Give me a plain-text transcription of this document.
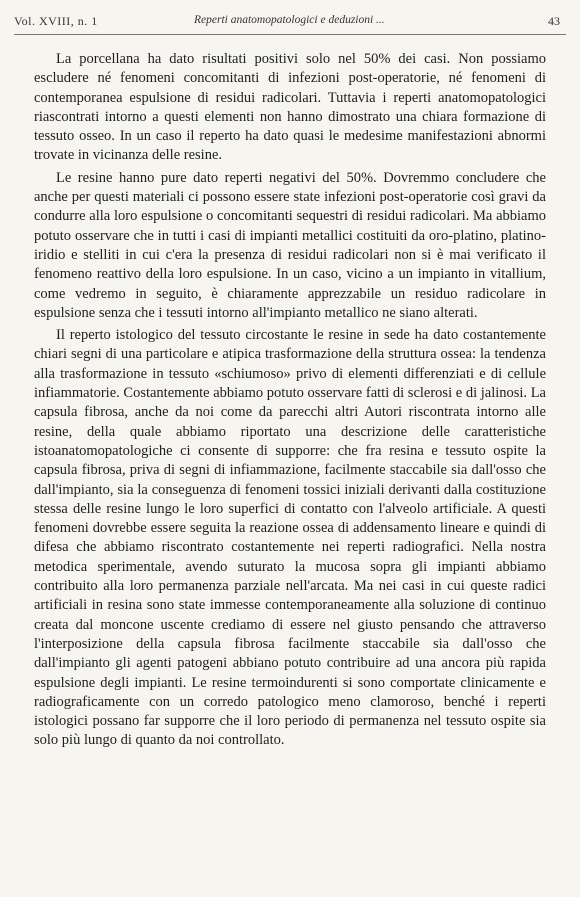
Vol. XVIII, n. 1	Reperti anatomopatologici e deduzioni ...	43

La porcellana ha dato risultati positivi solo nel 50% dei casi. Non possiamo escludere né fenomeni concomitanti di infezioni post-operatorie, né fenomeni di contemporanea espulsione di residui radicolari. Tuttavia i reperti anatomopatologici riascontrati intorno a questi elementi non hanno dimostrato una chiara formazione di tessuto osseo. In un caso il reperto ha dato quasi le medesime manifestazioni abnormi trovate in vicinanza delle resine.

Le resine hanno pure dato reperti negativi del 50%. Dovremmo concludere che anche per questi materiali ci possono essere state infezioni post-operatorie così gravi da condurre alla loro espulsione o concomitanti sequestri di residui radicolari. Ma abbiamo potuto osservare che in tutti i casi di impianti metallici costituiti da oro-platino, platino-iridio e stelliti in cui c'era la presenza di residui radicolari non si è mai verificato il fenomeno reattivo della loro espulsione. In un caso, vicino a un impianto in vitallium, come vedremo in seguito, è chiaramente apprezzabile un residuo radicolare in espulsione senza che i tessuti intorno all'impianto metallico ne siano alterati.

Il reperto istologico del tessuto circostante le resine in sede ha dato costantemente chiari segni di una particolare e atipica trasformazione della struttura ossea: la tendenza alla trasformazione in tessuto «schiumoso» privo di elementi differenziati e di cellule infiammatorie. Costantemente abbiamo potuto osservare fatti di sclerosi e di jalinosi. La capsula fibrosa, anche da noi come da parecchi altri Autori riscontrata intorno alle resine, della quale abbiamo riportato una descrizione delle caratteristiche istoanatomopatologiche ci consente di supporre: che fra resina e tessuto ospite la capsula fibrosa, priva di segni di infiammazione, facilmente staccabile sia dall'osso che dall'impianto, sia la conseguenza di fenomeni tossici iniziali derivanti dalla costituzione stessa delle resine lungo le loro superfici di contatto con l'alveolo artificiale. A questi fenomeni dovrebbe essere seguita la reazione ossea di addensamento lineare e quindi di difesa che abbiamo riscontrato costantemente nei reperti radiografici. Nella nostra metodica sperimentale, avendo suturato la mucosa sopra gli impianti abbiamo contribuito alla loro permanenza parziale nell'arcata. Ma nei casi in cui queste radici artificiali in resina sono state immesse contemporaneamente alla soluzione di continuo creata dal moncone uscente crediamo di essere nel giusto pensando che attraverso l'interposizione della capsula fibrosa facilmente staccabile sia dall'osso che dall'impianto gli agenti patogeni abbiano potuto contribuire ad una ancora più rapida espulsione degli impianti. Le resine termoindurenti si sono comportate clinicamente e radiograficamente con un corredo patologico meno clamoroso, benché i reperti istologici possano far supporre che il loro periodo di permanenza nel tessuto ospite sia solo più lungo di quanto da noi controllato.
